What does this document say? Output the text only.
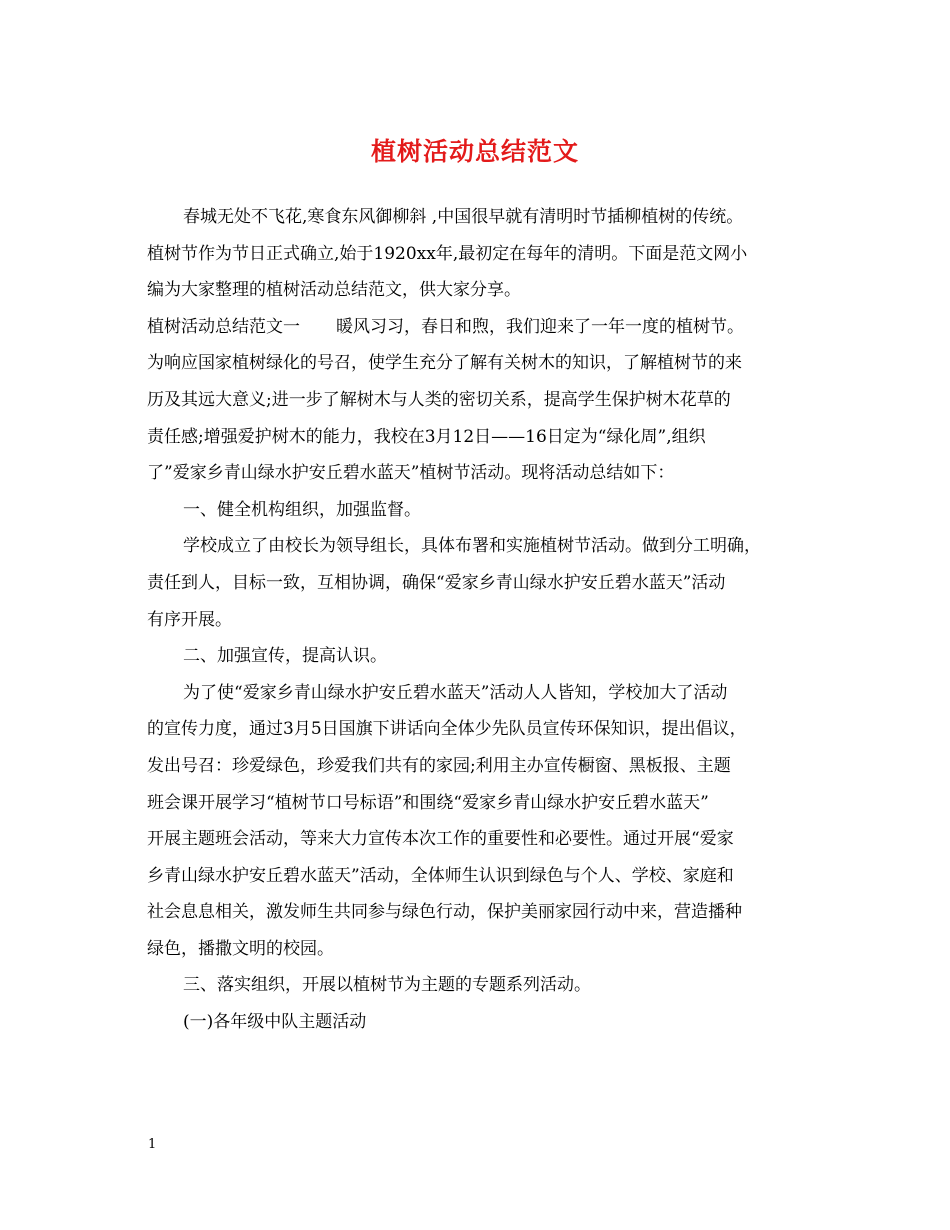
植树活动总结范文
春城无处不飞花,寒食东风御柳斜 ,中国很早就有清明时节插柳植树的传统。
植树节作为节日正式确立,始于1920xx年,最初定在每年的清明。下面是范文网小
编为大家整理的植树活动总结范文，供大家分享。
植树活动总结范文一 暖风习习，春日和煦，我们迎来了一年一度的植树节。
为响应国家植树绿化的号召，使学生充分了解有关树木的知识，了解植树节的来
历及其远大意义;进一步了解树木与人类的密切关系，提高学生保护树木花草的
责任感;增强爱护树木的能力，我校在3月12日——16日定为“绿化周”,组织
了”爱家乡青山绿水护安丘碧水蓝天”植树节活动。现将活动总结如下：
一、健全机构组织，加强监督。
学校成立了由校长为领导组长，具体布署和实施植树节活动。做到分工明确，
责任到人，目标一致，互相协调，确保“爱家乡青山绿水护安丘碧水蓝天”活动
有序开展。
二、加强宣传，提高认识。
为了使“爱家乡青山绿水护安丘碧水蓝天”活动人人皆知，学校加大了活动
的宣传力度，通过3月5日国旗下讲话向全体少先队员宣传环保知识，提出倡议，
发出号召：珍爱绿色，珍爱我们共有的家园;利用主办宣传橱窗、黑板报、主题
班会课开展学习“植树节口号标语”和围绕“爱家乡青山绿水护安丘碧水蓝天”
开展主题班会活动，等来大力宣传本次工作的重要性和必要性。通过开展“爱家
乡青山绿水护安丘碧水蓝天”活动，全体师生认识到绿色与个人、学校、家庭和
社会息息相关，激发师生共同参与绿色行动，保护美丽家园行动中来，营造播种
绿色，播撒文明的校园。
三、落实组织，开展以植树节为主题的专题系列活动。
(一)各年级中队主题活动
1
